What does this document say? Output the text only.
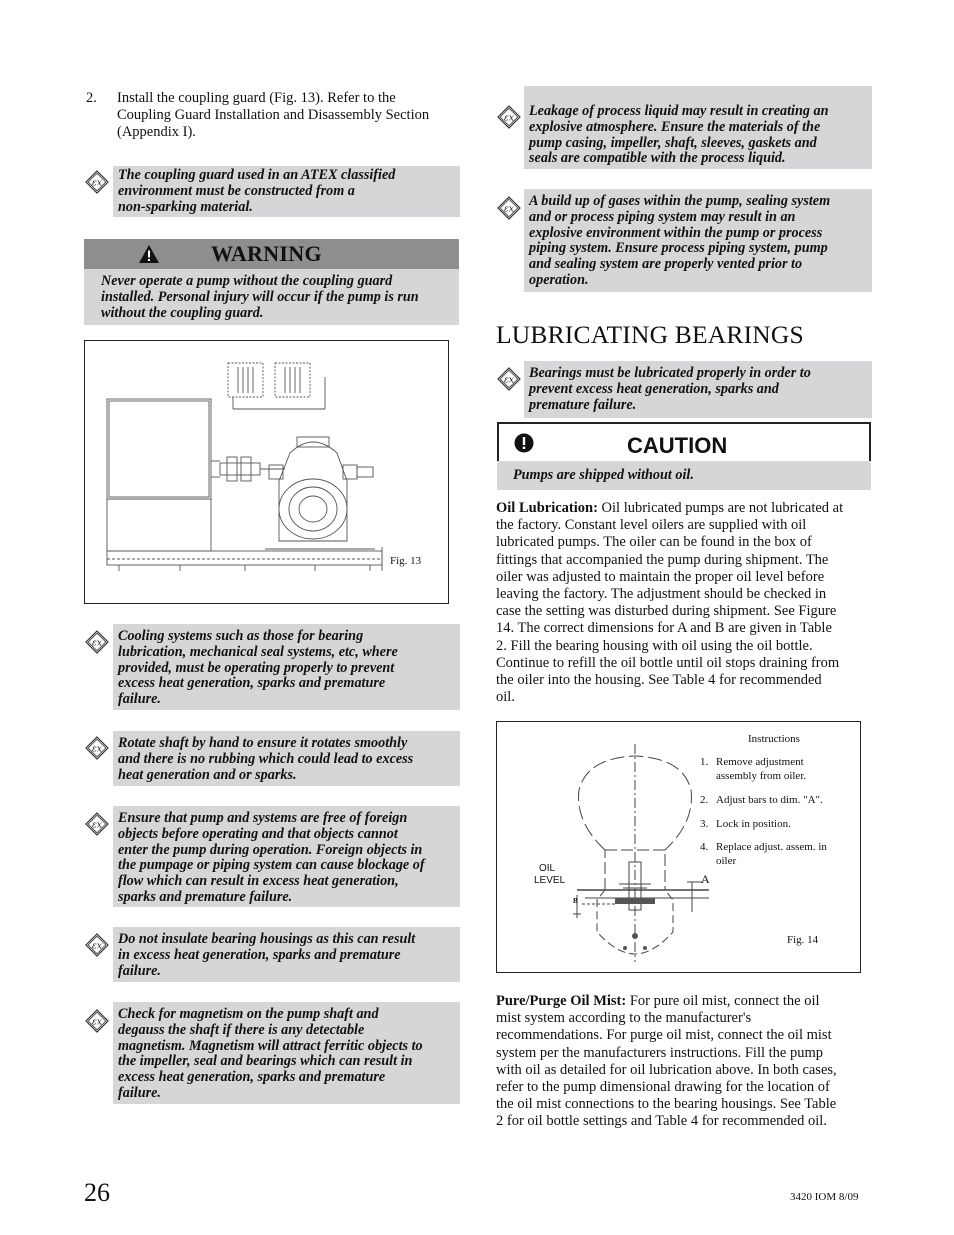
2. Install the coupling guard (Fig. 13). Refer to the
Coupling Guard Installation and Disassembly Section
(Appendix I).
The coupling guard used in an ATEX classified
environment must be constructed from a
non-sparking material.
WARNING
Never operate a pump without the coupling guard
installed. Personal injury will occur if the pump is run
without the coupling guard.
Fig. 13
Cooling systems such as those for bearing
lubrication, mechanical seal systems, etc, where
provided, must be operating properly to prevent
excess heat generation, sparks and premature
failure.
Rotate shaft by hand to ensure it rotates smoothly
and there is no rubbing which could lead to excess
heat generation and or sparks.
Ensure that pump and systems are free of foreign
objects before operating and that objects cannot
enter the pump during operation. Foreign objects in
the pumpage or piping system can cause blockage of
flow which can result in excess heat generation,
sparks and premature failure.
Do not insulate bearing housings as this can result
in excess heat generation, sparks and premature
failure.
Check for magnetism on the pump shaft and
degauss the shaft if there is any detectable
magnetism. Magnetism will attract ferritic objects to
the impeller, seal and bearings which can result in
excess heat generation, sparks and premature
failure.
Leakage of process liquid may result in creating an
explosive atmosphere. Ensure the materials of the
pump casing, impeller, shaft, sleeves, gaskets and
seals are compatible with the process liquid.
A build up of gases within the pump, sealing system
and or process piping system may result in an
explosive environment within the pump or process
piping system. Ensure process piping system, pump
and sealing system are properly vented prior to
operation.
LUBRICATING BEARINGS
Bearings must be lubricated properly in order to
prevent excess heat generation, sparks and
premature failure.
CAUTION
Pumps are shipped without oil.
Oil Lubrication: Oil lubricated pumps are not lubricated at
the factory. Constant level oilers are supplied with oil
lubricated pumps. The oiler can be found in the box of
fittings that accompanied the pump during shipment. The
oiler was adjusted to maintain the proper oil level before
leaving the factory. The adjustment should be checked in
case the setting was disturbed during shipment. See Figure
14. The correct dimensions for A and B are given in Table
2. Fill the bearing housing with oil using the oil bottle.
Continue to refill the oil bottle until oil stops draining from
the oiler into the housing. See Table 4 for recommended
oil.
OIL
LEVEL
B
A
Instructions
1. Remove adjustment
assembly from oiler.
2. Adjust bars to dim. "A".
3. Lock in position.
4. Replace adjust. assem. in
oiler
Fig. 14
Pure/Purge Oil Mist: For pure oil mist, connect the oil
mist system according to the manufacturer's
recommendations. For purge oil mist, connect the oil mist
system per the manufacturers instructions. Fill the pump
with oil as detailed for oil lubrication above. In both cases,
refer to the pump dimensional drawing for the location of
the oil mist connections to the bearing housings. See Table
2 for oil bottle settings and Table 4 for recommended oil.
26	3420 IOM 8/09
